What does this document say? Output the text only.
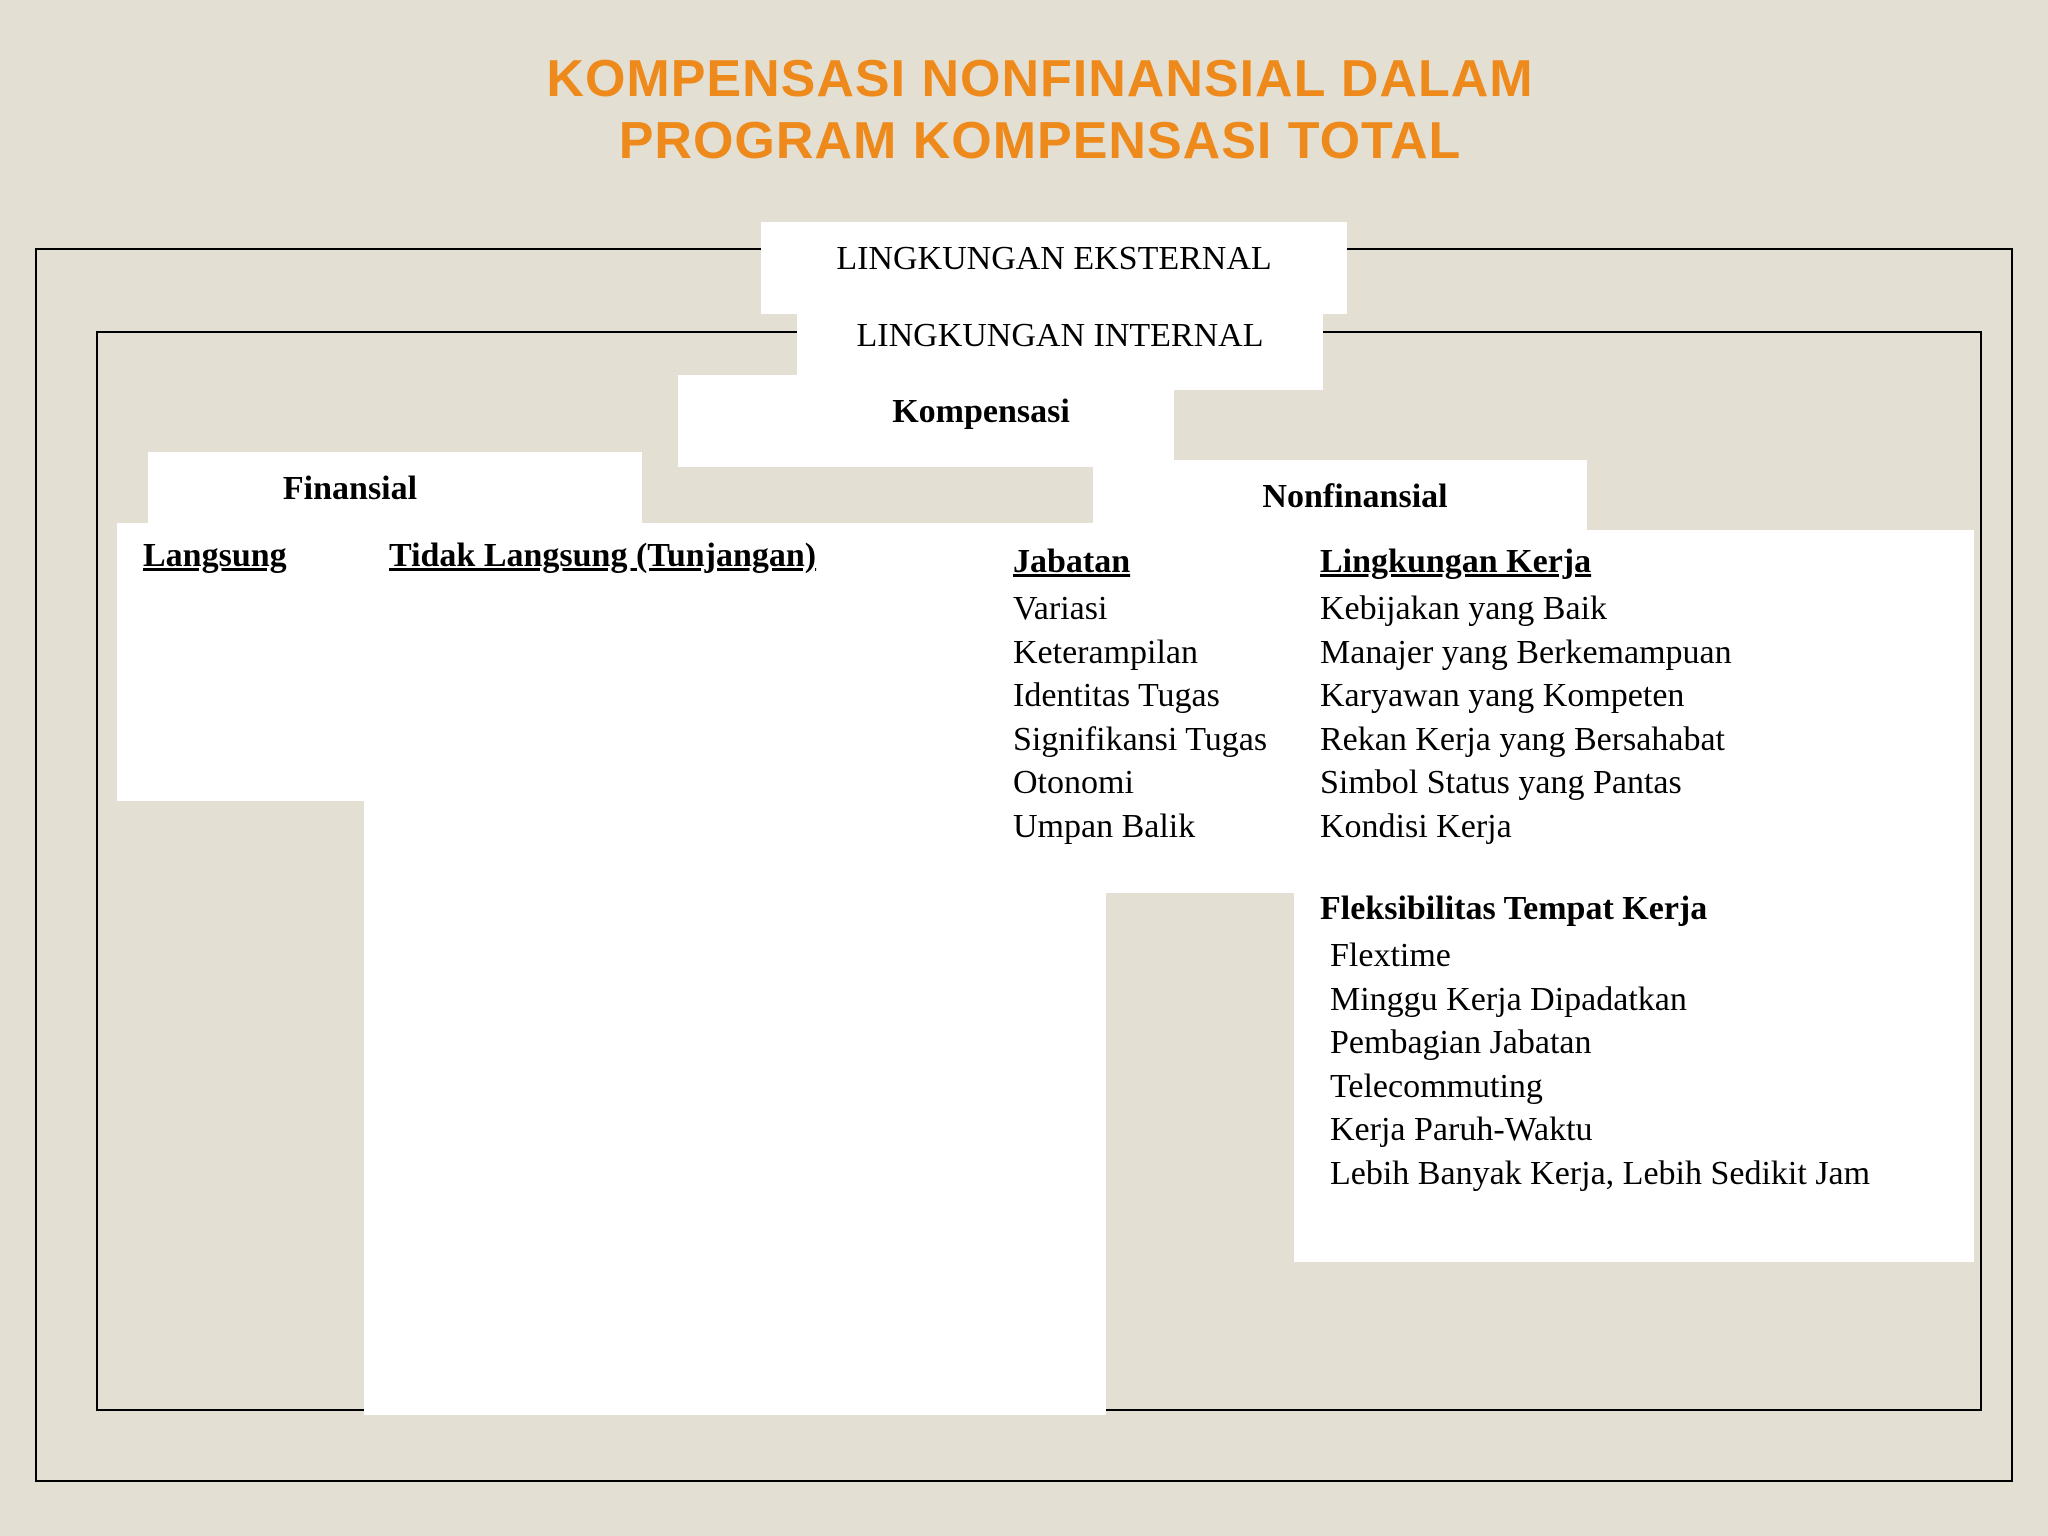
KOMPENSASI NONFINANSIAL DALAM
PROGRAM KOMPENSASI TOTAL
LINGKUNGAN EKSTERNAL
LINGKUNGAN INTERNAL
Kompensasi
Finansial	Nonfinansial
Langsung	Tidak Langsung (Tunjangan)	Jabatan
Variasi
Keterampilan
Identitas Tugas
Signifikansi Tugas
Otonomi
Umpan Balik
Lingkungan Kerja
Kebijakan yang Baik
Manajer yang Berkemampuan
Karyawan yang Kompeten
Rekan Kerja yang Bersahabat
Simbol Status yang Pantas
Kondisi Kerja
Fleksibilitas Tempat Kerja
Flextime
Minggu Kerja Dipadatkan
Pembagian Jabatan
Telecommuting
Kerja Paruh-Waktu
Lebih Banyak Kerja, Lebih Sedikit Jam
